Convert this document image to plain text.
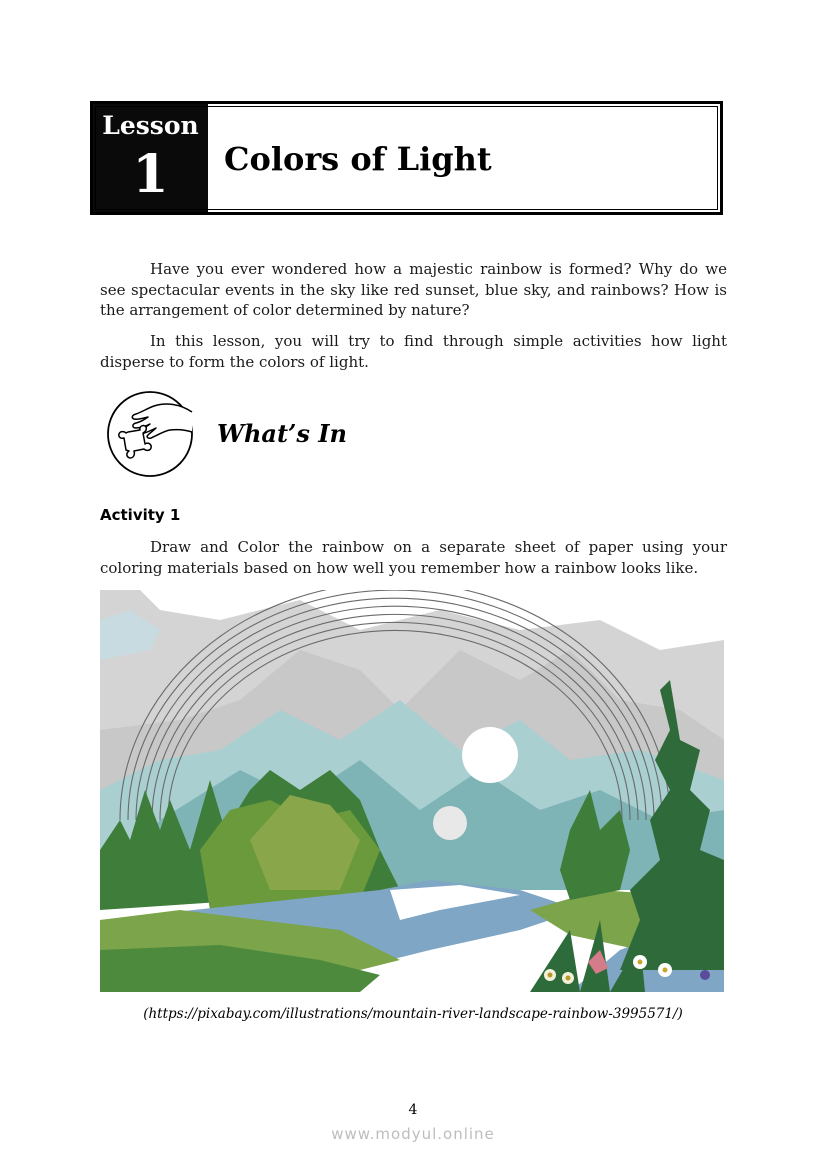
Lesson
1	Colors of Light

Have you ever wondered how a majestic rainbow is formed? Why do we see spectacular events in the sky like red sunset, blue sky, and rainbows? How is the arrangement of color determined by nature?

In this lesson, you will try to find through simple activities how light disperse to form the colors of light.

What’s In
Activity 1

Draw and Color the rainbow on a separate sheet of paper using your coloring materials based on how well you remember how a rainbow looks like.

(https://pixabay.com/illustrations/mountain-river-landscape-rainbow-3995571/)
4
www.modyul.online
